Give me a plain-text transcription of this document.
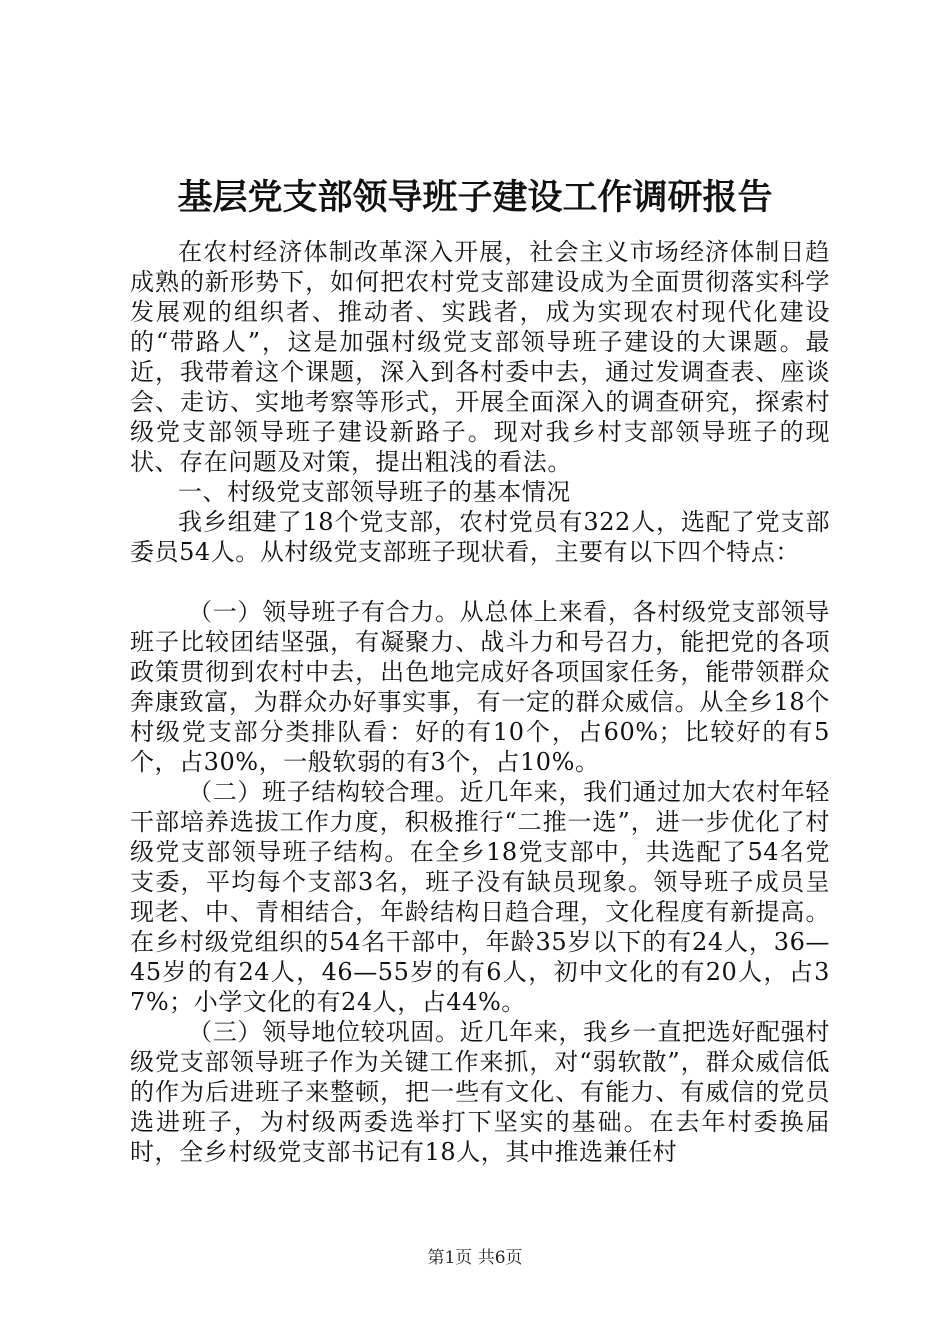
基层党支部领导班子建设工作调研报告

在农村经济体制改革深入开展，社会主义市场经济体制日趋成熟的新形势下，如何把农村党支部建设成为全面贯彻落实科学发展观的组织者、推动者、实践者，成为实现农村现代化建设的“带路人”，这是加强村级党支部领导班子建设的大课题。最近，我带着这个课题，深入到各村委中去，通过发调查表、座谈会、走访、实地考察等形式，开展全面深入的调查研究，探索村级党支部领导班子建设新路子。现对我乡村支部领导班子的现状、存在问题及对策，提出粗浅的看法。

一、村级党支部领导班子的基本情况

我乡组建了18个党支部，农村党员有322人，选配了党支部委员54人。从村级党支部班子现状看，主要有以下四个特点：

（一）领导班子有合力。从总体上来看，各村级党支部领导班子比较团结坚强，有凝聚力、战斗力和号召力，能把党的各项政策贯彻到农村中去，出色地完成好各项国家任务，能带领群众奔康致富，为群众办好事实事，有一定的群众威信。从全乡18个村级党支部分类排队看：好的有10个，占60%；比较好的有5个，占30%，一般软弱的有3个，占10%。

（二）班子结构较合理。近几年来，我们通过加大农村年轻干部培养选拔工作力度，积极推行“二推一选”，进一步优化了村级党支部领导班子结构。在全乡18党支部中，共选配了54名党支委，平均每个支部3名，班子没有缺员现象。领导班子成员呈现老、中、青相结合，年龄结构日趋合理，文化程度有新提高。在乡村级党组织的54名干部中，年龄35岁以下的有24人，36—45岁的有24人，46—55岁的有6人，初中文化的有20人，占37%；小学文化的有24人，占44%。

（三）领导地位较巩固。近几年来，我乡一直把选好配强村级党支部领导班子作为关键工作来抓，对“弱软散”，群众威信低的作为后进班子来整顿，把一些有文化、有能力、有威信的党员选进班子，为村级两委选举打下坚实的基础。在去年村委换届时，全乡村级党支部书记有18人，其中推选兼任村

第1页 共6页
